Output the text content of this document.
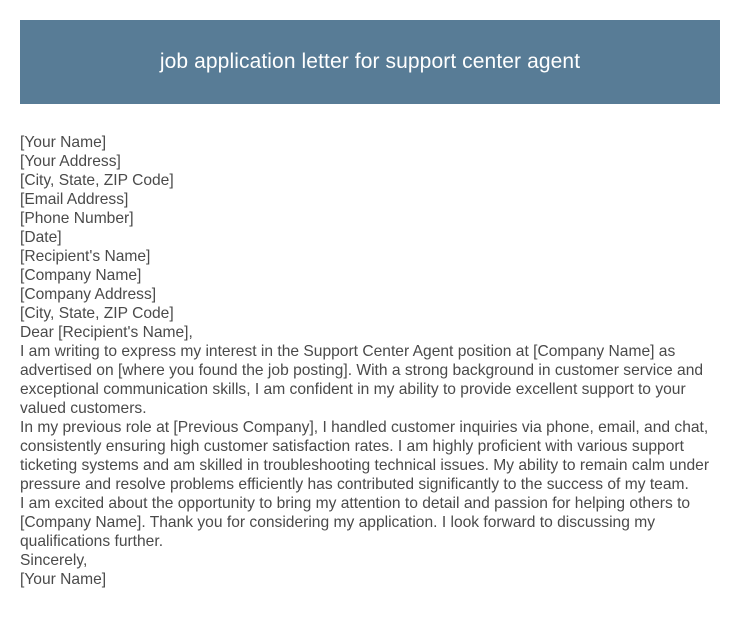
job application letter for support center agent
[Your Name]
[Your Address]
[City, State, ZIP Code]
[Email Address]
[Phone Number]
[Date]
[Recipient's Name]
[Company Name]
[Company Address]
[City, State, ZIP Code]
Dear [Recipient's Name],
I am writing to express my interest in the Support Center Agent position at [Company Name] as advertised on [where you found the job posting]. With a strong background in customer service and exceptional communication skills, I am confident in my ability to provide excellent support to your valued customers.
In my previous role at [Previous Company], I handled customer inquiries via phone, email, and chat, consistently ensuring high customer satisfaction rates. I am highly proficient with various support ticketing systems and am skilled in troubleshooting technical issues. My ability to remain calm under pressure and resolve problems efficiently has contributed significantly to the success of my team.
I am excited about the opportunity to bring my attention to detail and passion for helping others to [Company Name]. Thank you for considering my application. I look forward to discussing my qualifications further.
Sincerely,
[Your Name]
